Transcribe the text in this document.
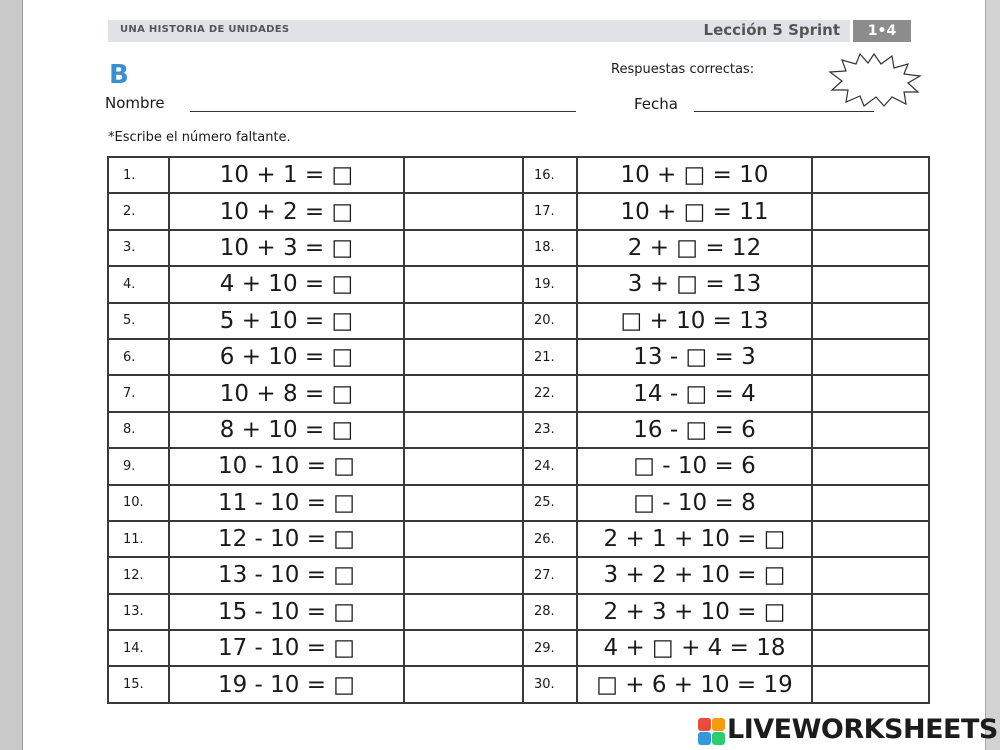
UNA HISTORIA DE UNIDADES	Lección 5 Sprint	1•4
B
Nombre
Respuestas correctas:
Fecha
*Escribe el número faltante.
1.	10 + 1 = □		16.	10 + □ = 10	
2.	10 + 2 = □		17.	10 + □ = 11	
3.	10 + 3 = □		18.	2 + □ = 12	
4.	4 + 10 = □		19.	3 + □ = 13	
5.	5 + 10 = □		20.	□ + 10 = 13	
6.	6 + 10 = □		21.	13 - □ = 3	
7.	10 + 8 = □		22.	14 - □ = 4	
8.	8 + 10 = □		23.	16 - □ = 6	
9.	10 - 10 = □		24.	□ - 10 = 6	
10.	11 - 10 = □		25.	□ - 10 = 8	
11.	12 - 10 = □		26.	2 + 1 + 10 = □	
12.	13 - 10 = □		27.	3 + 2 + 10 = □	
13.	15 - 10 = □		28.	2 + 3 + 10 = □	
14.	17 - 10 = □		29.	4 + □ + 4 = 18	
15.	19 - 10 = □		30.	□ + 6 + 10 = 19	
LIVEWORKSHEETS
